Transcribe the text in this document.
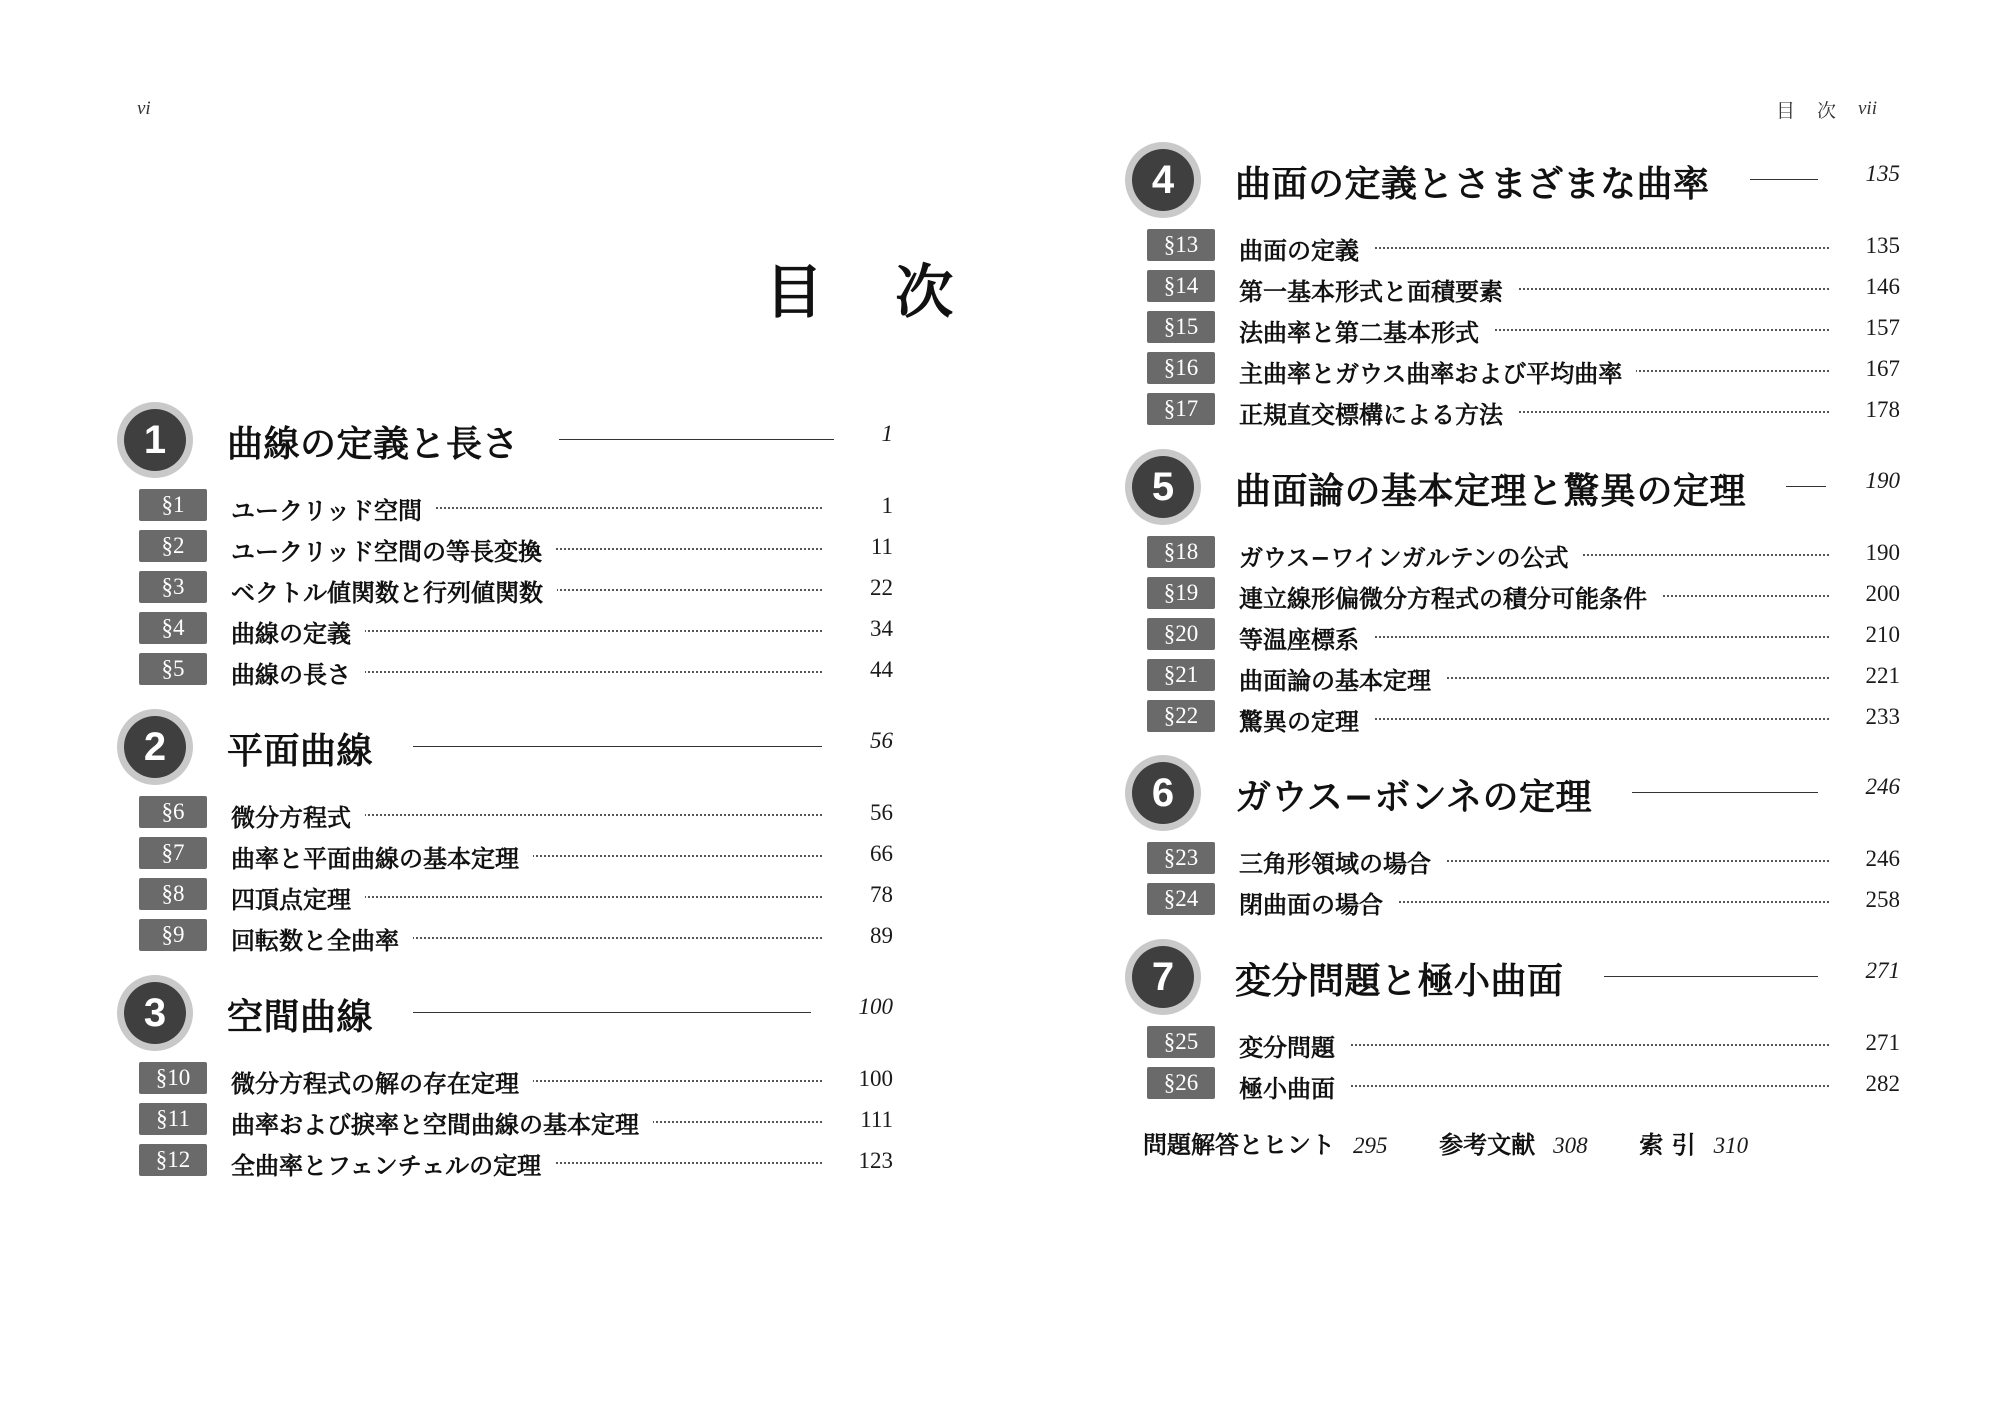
vi
目 次
1	曲線の定義と長さ	1
§1	ユークリッド空間	1
§2	ユークリッド空間の等長変換	11
§3	ベクトル値関数と行列値関数	22
§4	曲線の定義	34
§5	曲線の長さ	44
2	平面曲線	56
§6	微分方程式	56
§7	曲率と平面曲線の基本定理	66
§8	四頂点定理	78
§9	回転数と全曲率	89
3	空間曲線	100
§10	微分方程式の解の存在定理	100
§11	曲率および捩率と空間曲線の基本定理	111
§12	全曲率とフェンチェルの定理	123
目 次 vii
4	曲面の定義とさまざまな曲率	135
§13	曲面の定義	135
§14	第一基本形式と面積要素	146
§15	法曲率と第二基本形式	157
§16	主曲率とガウス曲率および平均曲率	167
§17	正規直交標構による方法	178
5	曲面論の基本定理と驚異の定理	190
§18	ガウス−ワインガルテンの公式	190
§19	連立線形偏微分方程式の積分可能条件	200
§20	等温座標系	210
§21	曲面論の基本定理	221
§22	驚異の定理	233
6	ガウス−ボンネの定理	246
§23	三角形領域の場合	246
§24	閉曲面の場合	258
7	変分問題と極小曲面	271
§25	変分問題	271
§26	極小曲面	282
問題解答とヒント 295 参考文献 308 索 引 310
